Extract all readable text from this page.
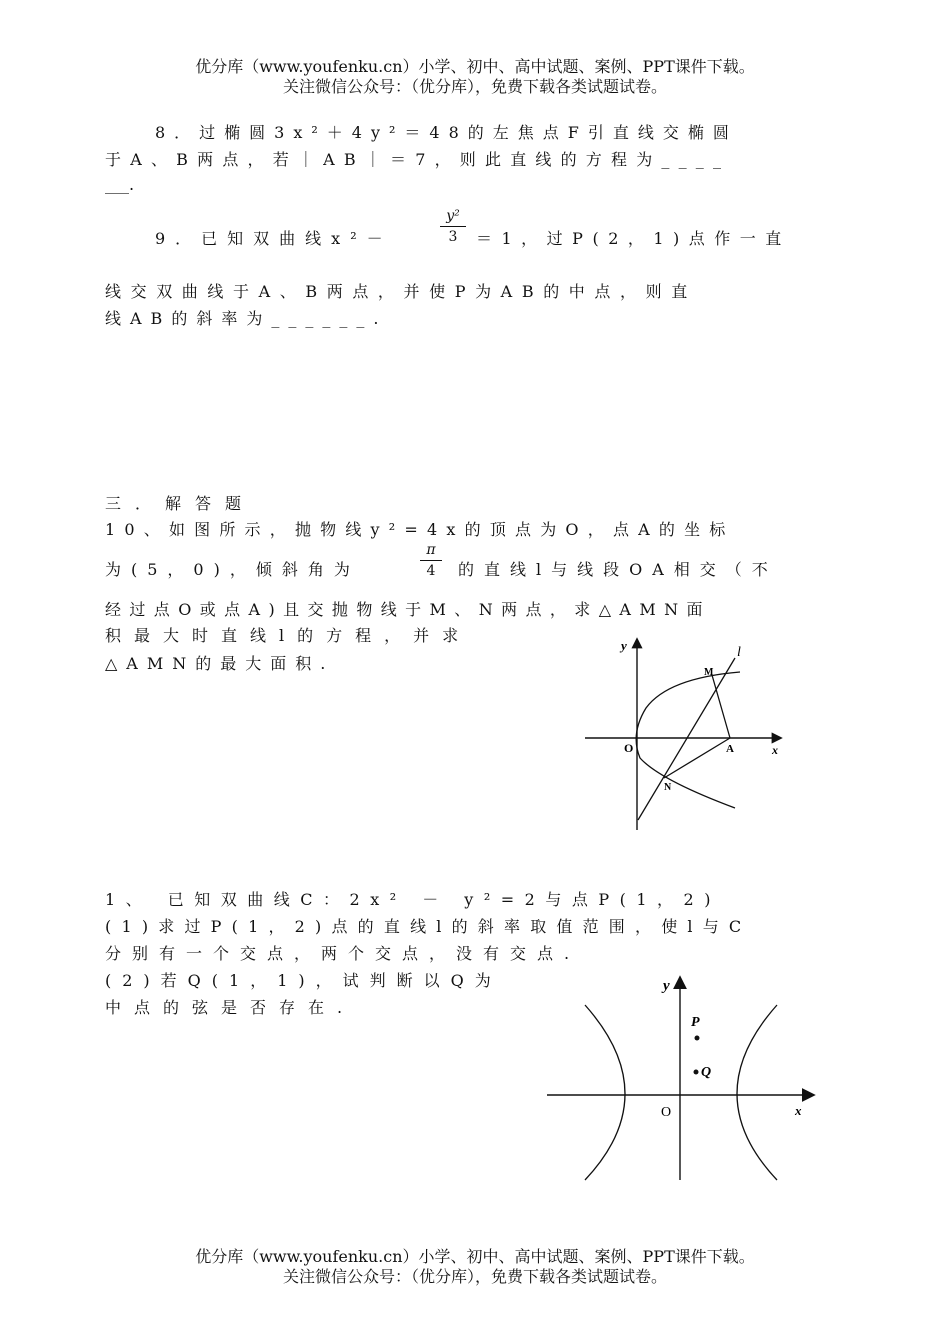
优分库（www.youfenku.cn）小学、初中、高中试题、案例、PPT课件下载。
关注微信公众号：（优分库），免费下载各类试题试卷。
8．过椭圆3x²＋4y²＝48的左焦点F引直线交椭圆
于A、B两点，若｜AB｜＝7，则此直线的方程为____
___.
9．已知双曲线x²－
y²
3	＝1，过P(2，1)点作一直
线交双曲线于A、B两点，并使P为AB的中点，则直
线AB的斜率为______.
三．解答题
10、如图所示，抛物线y²=4x的顶点为O，点A的坐标
为(5，0)，倾斜角为
π
4	的直线l与线段OA相交（不
经过点O或点A)且交抛物线于M、N两点，求△AMN面
积最大时直线l的方程，并求
△AMN的最大面积.
y
x
O	A
M
N
l
1、 已知双曲线C：2x² － y²=2与点P(1，2)
(1)求过P(1，2)点的直线l的斜率取值范围，使l与C
分别有一个交点，两个交点，没有交点.
(2)若Q(1，1)，试判断以Q为
中点的弦是否存在.
y
x
O
P
Q
优分库（www.youfenku.cn）小学、初中、高中试题、案例、PPT课件下载。
关注微信公众号：（优分库），免费下载各类试题试卷。
